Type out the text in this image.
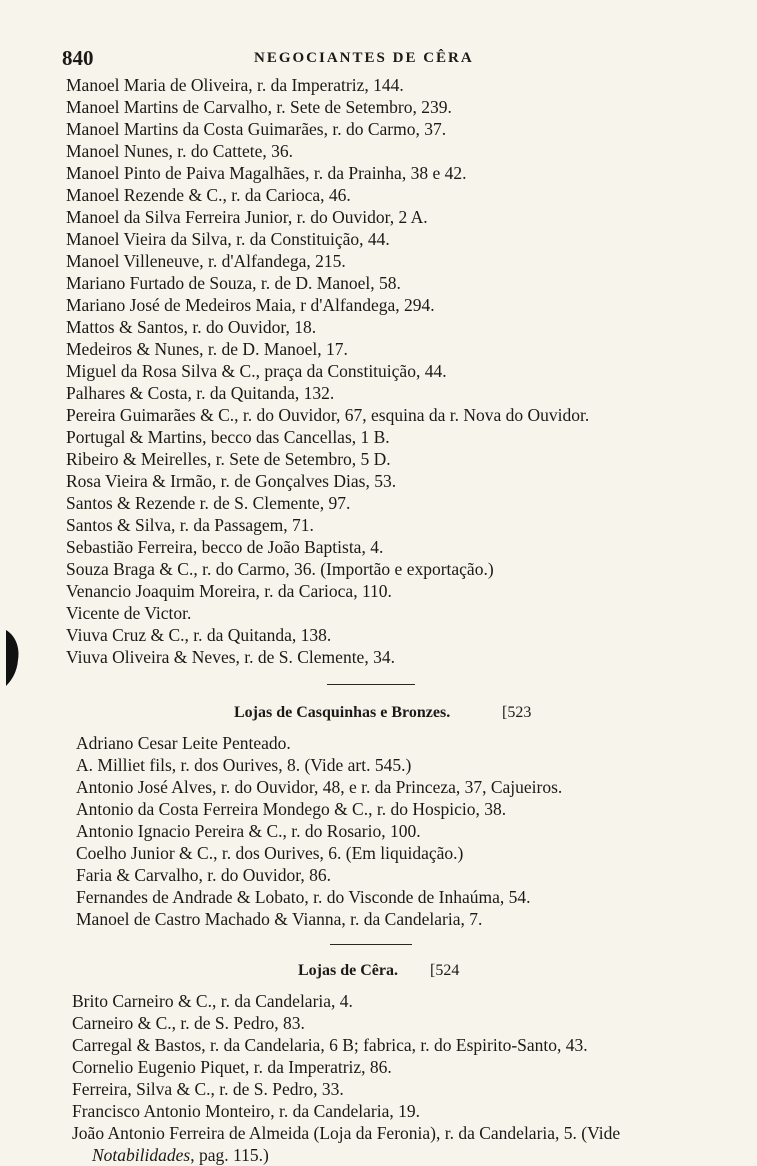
840	NEGOCIANTES DE CÊRA
Manoel Maria de Oliveira, r. da Imperatriz, 144.
Manoel Martins de Carvalho, r. Sete de Setembro, 239.
Manoel Martins da Costa Guimarães, r. do Carmo, 37.
Manoel Nunes, r. do Cattete, 36.
Manoel Pinto de Paiva Magalhães, r. da Prainha, 38 e 42.
Manoel Rezende & C., r. da Carioca, 46.
Manoel da Silva Ferreira Junior, r. do Ouvidor, 2 A.
Manoel Vieira da Silva, r. da Constituição, 44.
Manoel Villeneuve, r. d'Alfandega, 215.
Mariano Furtado de Souza, r. de D. Manoel, 58.
Mariano José de Medeiros Maia, r d'Alfandega, 294.
Mattos & Santos, r. do Ouvidor, 18.
Medeiros & Nunes, r. de D. Manoel, 17.
Miguel da Rosa Silva & C., praça da Constituição, 44.
Palhares & Costa, r. da Quitanda, 132.
Pereira Guimarães & C., r. do Ouvidor, 67, esquina da r. Nova do Ouvidor.
Portugal & Martins, becco das Cancellas, 1 B.
Ribeiro & Meirelles, r. Sete de Setembro, 5 D.
Rosa Vieira & Irmão, r. de Gonçalves Dias, 53.
Santos & Rezende r. de S. Clemente, 97.
Santos & Silva, r. da Passagem, 71.
Sebastião Ferreira, becco de João Baptista, 4.
Souza Braga & C., r. do Carmo, 36. (Importão e exportação.)
Venancio Joaquim Moreira, r. da Carioca, 110.
Vicente de Victor.
Viuva Cruz & C., r. da Quitanda, 138.
Viuva Oliveira & Neves, r. de S. Clemente, 34.
Lojas de Casquinhas e Bronzes.	[523
Adriano Cesar Leite Penteado.
A. Milliet fils, r. dos Ourives, 8. (Vide art. 545.)
Antonio José Alves, r. do Ouvidor, 48, e r. da Princeza, 37, Cajueiros.
Antonio da Costa Ferreira Mondego & C., r. do Hospicio, 38.
Antonio Ignacio Pereira & C., r. do Rosario, 100.
Coelho Junior & C., r. dos Ourives, 6. (Em liquidação.)
Faria & Carvalho, r. do Ouvidor, 86.
Fernandes de Andrade & Lobato, r. do Visconde de Inhaúma, 54.
Manoel de Castro Machado & Vianna, r. da Candelaria, 7.
Lojas de Cêra. [524
Brito Carneiro & C., r. da Candelaria, 4.
Carneiro & C., r. de S. Pedro, 83.
Carregal & Bastos, r. da Candelaria, 6 B; fabrica, r. do Espirito-Santo, 43.
Cornelio Eugenio Piquet, r. da Imperatriz, 86.
Ferreira, Silva & C., r. de S. Pedro, 33.
Francisco Antonio Monteiro, r. da Candelaria, 19.
João Antonio Ferreira de Almeida (Loja da Feronia), r. da Candelaria, 5. (Vide
Notabilidades, pag. 115.)
